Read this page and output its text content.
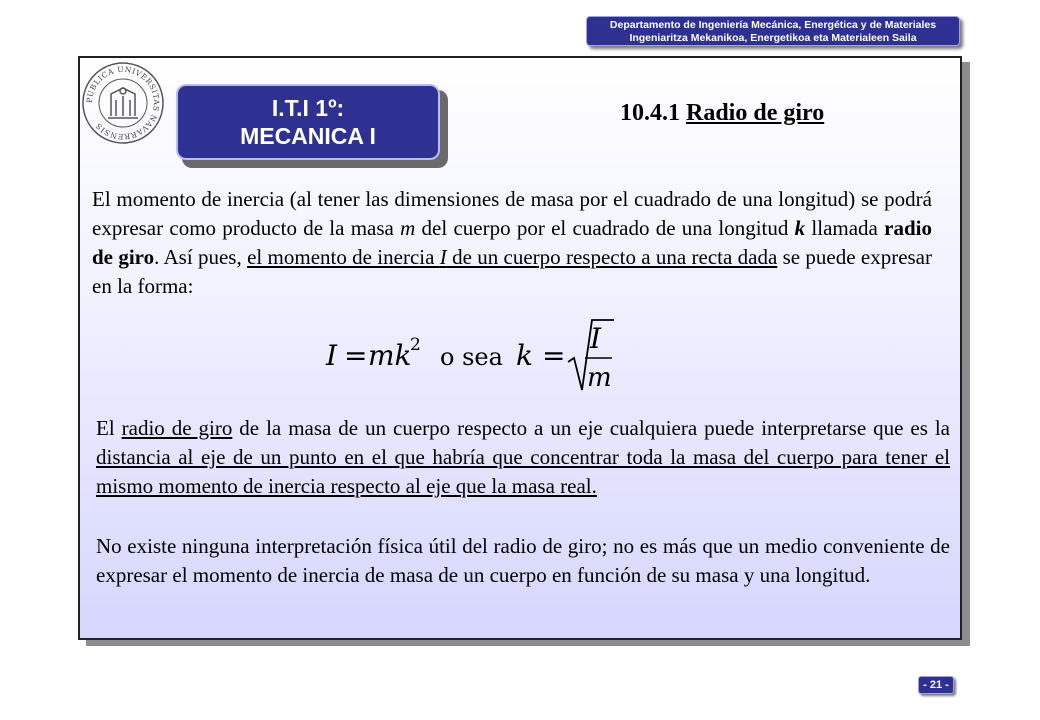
Departamento de Ingeniería Mecánica, Energética y de Materiales
Ingeniaritza Mekanikoa, Energetikoa eta Materialeen Saila
PUBLICA UNIVERSITAS NAVARRENSIS
I.T.I 1º:
MECANICA I
10.4.1 Radio de giro
El momento de inercia (al tener las dimensiones de masa por el cuadrado de una longitud) se podrá expresar como producto de la masa m del cuerpo por el cuadrado de una longitud k llamada radio de giro. Así pues, el momento de inercia I de un cuerpo respecto a una recta dada se puede expresar en la forma:
I = mk
2 o sea k =
I
m
El radio de giro de la masa de un cuerpo respecto a un eje cualquiera puede interpretarse que es la distancia al eje de un punto en el que habría que concentrar toda la masa del cuerpo para tener el mismo momento de inercia respecto al eje que la masa real.
No existe ninguna interpretación física útil del radio de giro; no es más que un medio conveniente de expresar el momento de inercia de masa de un cuerpo en función de su masa y una longitud.
- 21 -
